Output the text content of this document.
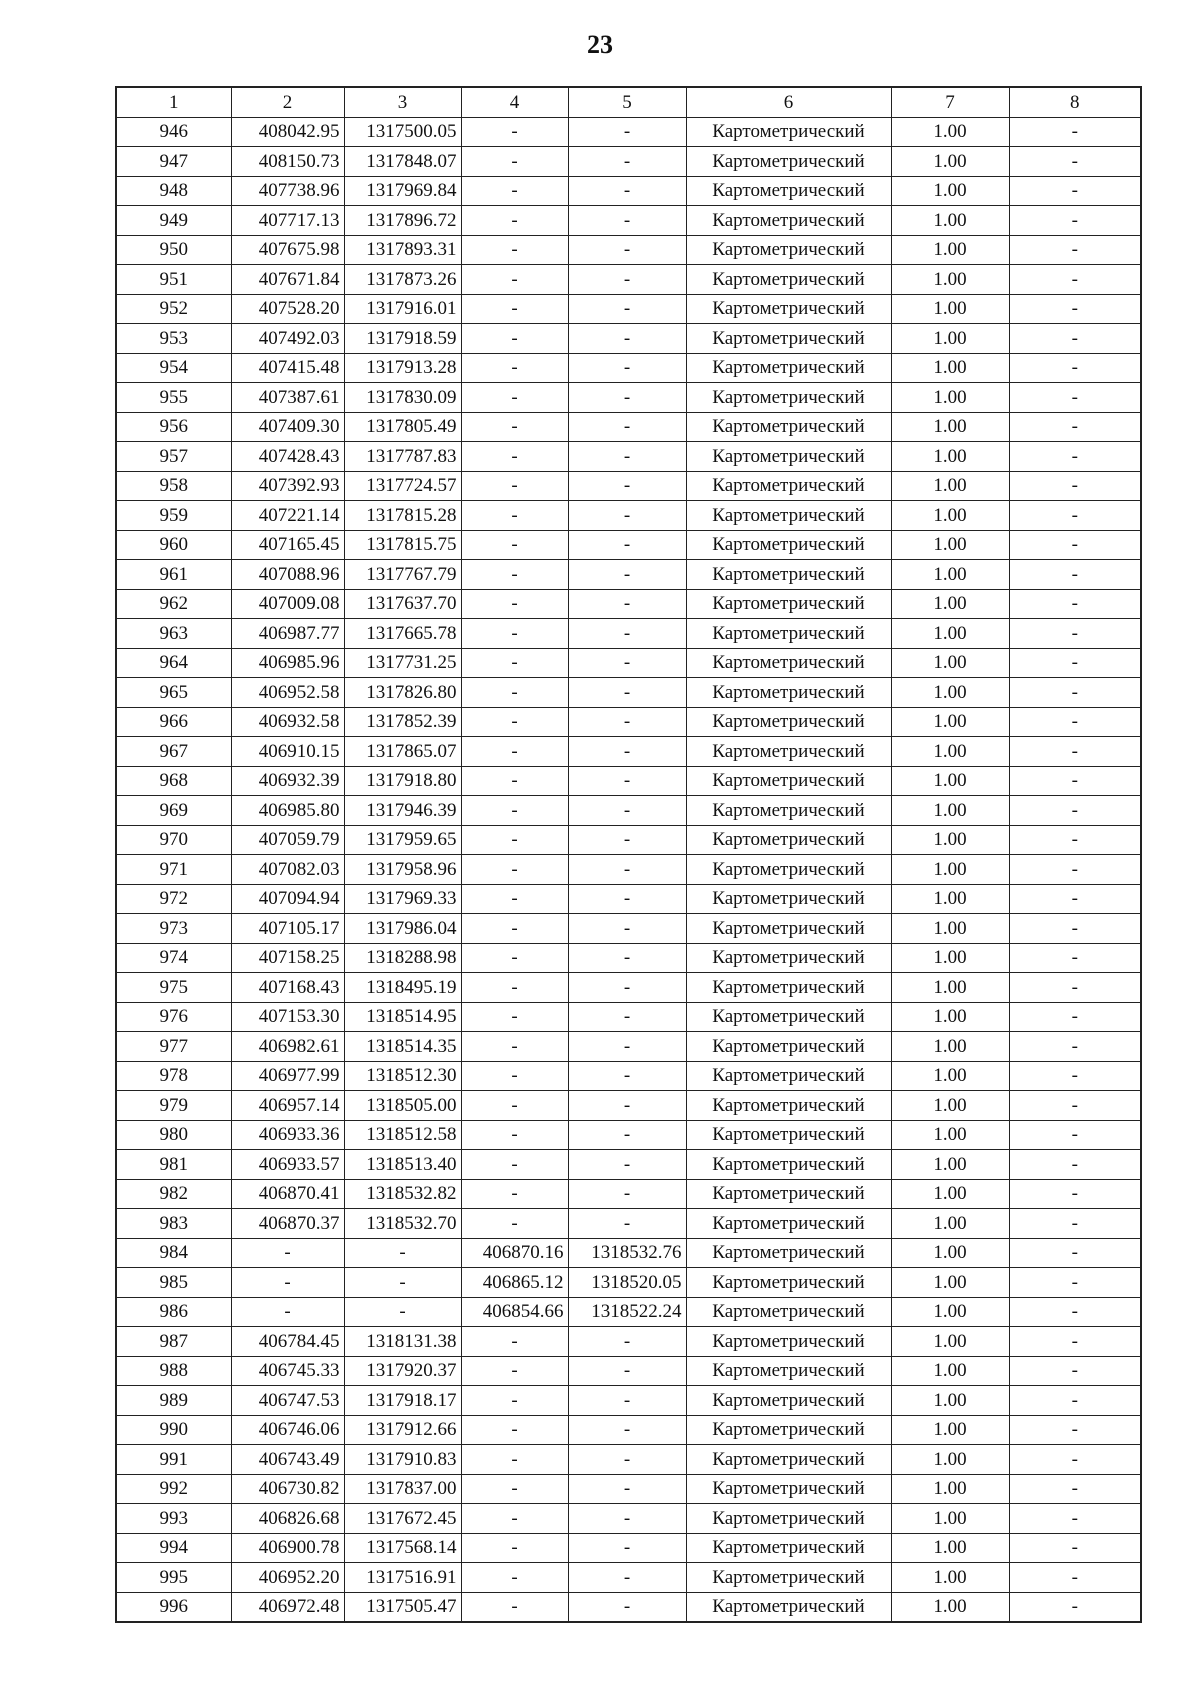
23
1	2	3	4	5	6	7	8
946	408042.95	1317500.05	-	-	Картометрический	1.00	-
947	408150.73	1317848.07	-	-	Картометрический	1.00	-
948	407738.96	1317969.84	-	-	Картометрический	1.00	-
949	407717.13	1317896.72	-	-	Картометрический	1.00	-
950	407675.98	1317893.31	-	-	Картометрический	1.00	-
951	407671.84	1317873.26	-	-	Картометрический	1.00	-
952	407528.20	1317916.01	-	-	Картометрический	1.00	-
953	407492.03	1317918.59	-	-	Картометрический	1.00	-
954	407415.48	1317913.28	-	-	Картометрический	1.00	-
955	407387.61	1317830.09	-	-	Картометрический	1.00	-
956	407409.30	1317805.49	-	-	Картометрический	1.00	-
957	407428.43	1317787.83	-	-	Картометрический	1.00	-
958	407392.93	1317724.57	-	-	Картометрический	1.00	-
959	407221.14	1317815.28	-	-	Картометрический	1.00	-
960	407165.45	1317815.75	-	-	Картометрический	1.00	-
961	407088.96	1317767.79	-	-	Картометрический	1.00	-
962	407009.08	1317637.70	-	-	Картометрический	1.00	-
963	406987.77	1317665.78	-	-	Картометрический	1.00	-
964	406985.96	1317731.25	-	-	Картометрический	1.00	-
965	406952.58	1317826.80	-	-	Картометрический	1.00	-
966	406932.58	1317852.39	-	-	Картометрический	1.00	-
967	406910.15	1317865.07	-	-	Картометрический	1.00	-
968	406932.39	1317918.80	-	-	Картометрический	1.00	-
969	406985.80	1317946.39	-	-	Картометрический	1.00	-
970	407059.79	1317959.65	-	-	Картометрический	1.00	-
971	407082.03	1317958.96	-	-	Картометрический	1.00	-
972	407094.94	1317969.33	-	-	Картометрический	1.00	-
973	407105.17	1317986.04	-	-	Картометрический	1.00	-
974	407158.25	1318288.98	-	-	Картометрический	1.00	-
975	407168.43	1318495.19	-	-	Картометрический	1.00	-
976	407153.30	1318514.95	-	-	Картометрический	1.00	-
977	406982.61	1318514.35	-	-	Картометрический	1.00	-
978	406977.99	1318512.30	-	-	Картометрический	1.00	-
979	406957.14	1318505.00	-	-	Картометрический	1.00	-
980	406933.36	1318512.58	-	-	Картометрический	1.00	-
981	406933.57	1318513.40	-	-	Картометрический	1.00	-
982	406870.41	1318532.82	-	-	Картометрический	1.00	-
983	406870.37	1318532.70	-	-	Картометрический	1.00	-
984	-	-	406870.16	1318532.76	Картометрический	1.00	-
985	-	-	406865.12	1318520.05	Картометрический	1.00	-
986	-	-	406854.66	1318522.24	Картометрический	1.00	-
987	406784.45	1318131.38	-	-	Картометрический	1.00	-
988	406745.33	1317920.37	-	-	Картометрический	1.00	-
989	406747.53	1317918.17	-	-	Картометрический	1.00	-
990	406746.06	1317912.66	-	-	Картометрический	1.00	-
991	406743.49	1317910.83	-	-	Картометрический	1.00	-
992	406730.82	1317837.00	-	-	Картометрический	1.00	-
993	406826.68	1317672.45	-	-	Картометрический	1.00	-
994	406900.78	1317568.14	-	-	Картометрический	1.00	-
995	406952.20	1317516.91	-	-	Картометрический	1.00	-
996	406972.48	1317505.47	-	-	Картометрический	1.00	-
